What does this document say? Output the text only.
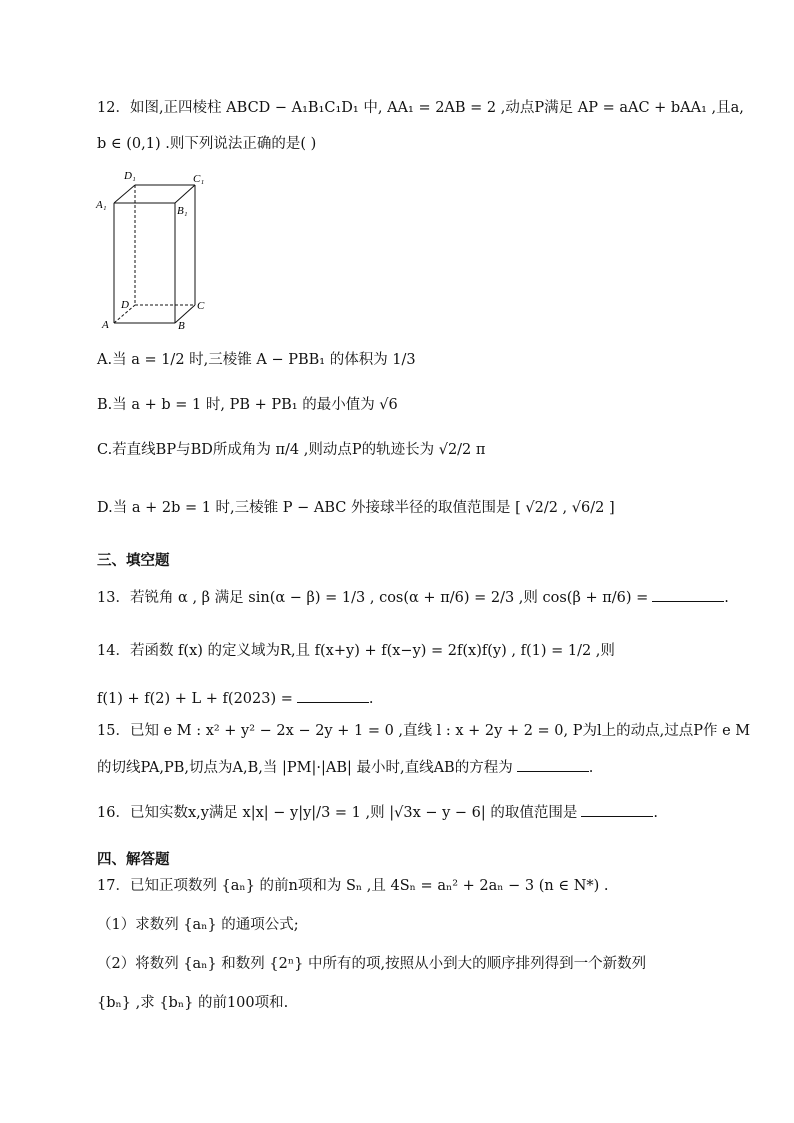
12．如图,正四棱柱 ABCD − A₁B₁C₁D₁ 中, AA₁ = 2AB = 2 ,动点P满足 AP = aAC + bAA₁ ,且a,
b ∈ (0,1) .则下列说法正确的是( )
D₁	C₁
A₁	B₁
D	C
A	B
A.当 a = 1/2 时,三棱锥 A − PBB₁ 的体积为 1/3
B.当 a + b = 1 时, PB + PB₁ 的最小值为 √6
C.若直线BP与BD所成角为 π/4 ,则动点P的轨迹长为 √2/2 π
D.当 a + 2b = 1 时,三棱锥 P − ABC 外接球半径的取值范围是 [ √2/2 , √6/2 ]
三、填空题
13．若锐角 α , β 满足 sin(α − β) = 1/3 , cos(α + π/6) = 2/3 ,则 cos(β + π/6) =	.
14．若函数 f(x) 的定义域为R,且 f(x+y) + f(x−y) = 2f(x)f(y) , f(1) = 1/2 ,则
f(1) + f(2) + L + f(2023) =	.
15．已知 e M : x² + y² − 2x − 2y + 1 = 0 ,直线 l : x + 2y + 2 = 0, P为l上的动点,过点P作 e M
的切线PA,PB,切点为A,B,当 |PM|·|AB| 最小时,直线AB的方程为	.
16．已知实数x,y满足 x|x| − y|y|/3 = 1 ,则 |√3x − y − 6| 的取值范围是	.
四、解答题
17．已知正项数列 {aₙ} 的前n项和为 Sₙ ,且 4Sₙ = aₙ² + 2aₙ − 3 (n ∈ N*) .
（1）求数列 {aₙ} 的通项公式;
（2）将数列 {aₙ} 和数列 {2ⁿ} 中所有的项,按照从小到大的顺序排列得到一个新数列
{bₙ} ,求 {bₙ} 的前100项和.
